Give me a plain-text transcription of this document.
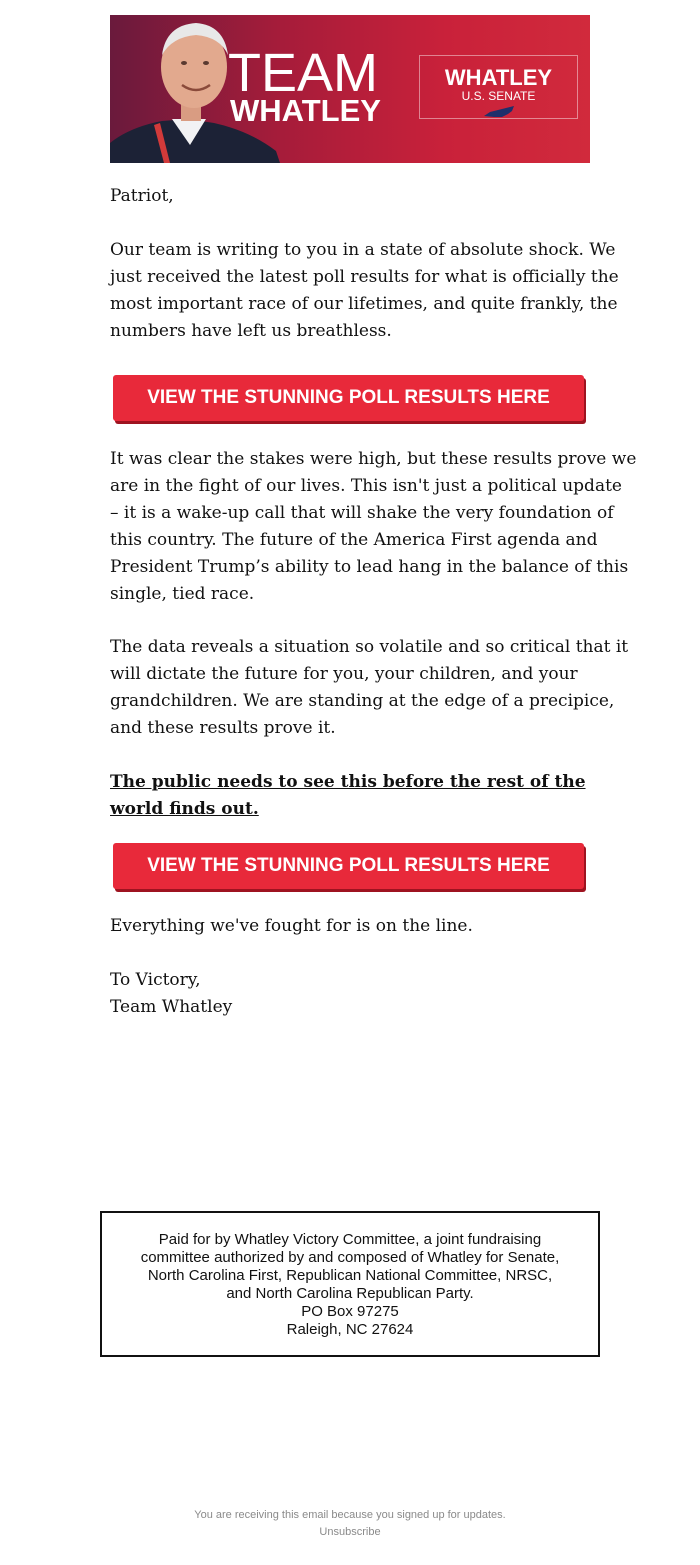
TEAM
WHATLEY
WHATLEY
U.S. SENATE

Patriot,

Our team is writing to you in a state of absolute shock. We
just received the latest poll results for what is officially the
most important race of our lifetimes, and quite frankly, the
numbers have left us breathless.

VIEW THE STUNNING POLL RESULTS HERE

It was clear the stakes were high, but these results prove we
are in the fight of our lives. This isn't just a political update
– it is a wake-up call that will shake the very foundation of
this country. The future of the America First agenda and
President Trump’s ability to lead hang in the balance of this
single, tied race.

The data reveals a situation so volatile and so critical that it
will dictate the future for you, your children, and your
grandchildren. We are standing at the edge of a precipice,
and these results prove it.

The public needs to see this before the rest of the
world finds out.

VIEW THE STUNNING POLL RESULTS HERE

Everything we've fought for is on the line.

To Victory,
Team Whatley

Paid for by Whatley Victory Committee, a joint fundraising
committee authorized by and composed of Whatley for Senate,
North Carolina First, Republican National Committee, NRSC,
and North Carolina Republican Party.
PO Box 97275
Raleigh, NC 27624
You are receiving this email because you signed up for updates.
Unsubscribe
